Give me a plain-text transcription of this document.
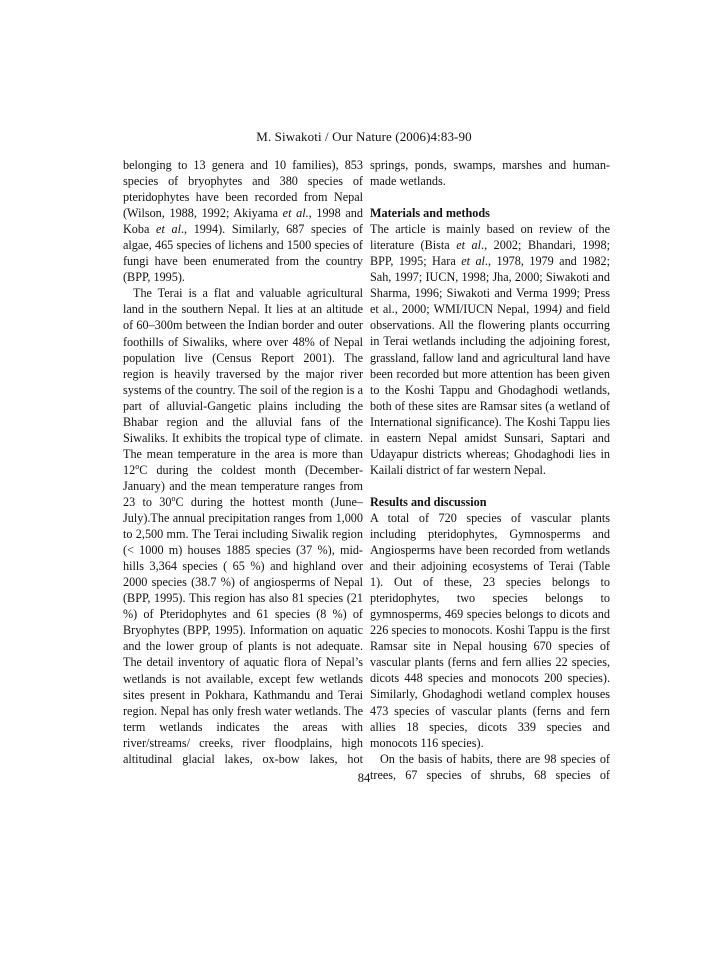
M. Siwakoti / Our Nature (2006)4:83-90

belonging to 13 genera and 10 families), 853 species of bryophytes and 380 species of pteridophytes have been recorded from Nepal (Wilson, 1988, 1992; Akiyama et al., 1998 and Koba et al., 1994). Similarly, 687 species of algae, 465 species of lichens and 1500 species of fungi have been enumerated from the country (BPP, 1995).

The Terai is a flat and valuable agricultural land in the southern Nepal. It lies at an altitude of 60–300m between the Indian border and outer foothills of Siwaliks, where over 48% of Nepal population live (Census Report 2001). The region is heavily traversed by the major river systems of the country. The soil of the region is a part of alluvial-Gangetic plains including the Bhabar region and the alluvial fans of the Siwaliks. It exhibits the tropical type of climate. The mean temperature in the area is more than 12$^o$C during the coldest month (December-January) and the mean temperature ranges from 23 to 30$^o$C during the hottest month (June–July).The annual precipitation ranges from 1,000 to 2,500 mm. The Terai including Siwalik region (< 1000 m) houses 1885 species (37 %), mid-hills 3,364 species ( 65 %) and highland over 2000 species (38.7 %) of angiosperms of Nepal (BPP, 1995). This region has also 81 species (21 %) of Pteridophytes and 61 species (8 %) of Bryophytes (BPP, 1995). Information on aquatic and the lower group of plants is not adequate. The detail inventory of aquatic flora of Nepal’s wetlands is not available, except few wetlands sites present in Pokhara, Kathmandu and Terai region. Nepal has only fresh water wetlands. The term wetlands indicates the areas with river/streams/ creeks, river floodplains, high altitudinal glacial lakes, ox-bow lakes, hot

springs, ponds, swamps, marshes and human-made wetlands.

Materials and methods

The article is mainly based on review of the literature (Bista et al., 2002; Bhandari, 1998; BPP, 1995; Hara et al., 1978, 1979 and 1982; Sah, 1997; IUCN, 1998; Jha, 2000; Siwakoti and Sharma, 1996; Siwakoti and Verma 1999; Press et al., 2000; WMI/IUCN Nepal, 1994) and field observations. All the flowering plants occurring in Terai wetlands including the adjoining forest, grassland, fallow land and agricultural land have been recorded but more attention has been given to the Koshi Tappu and Ghodaghodi wetlands, both of these sites are Ramsar sites (a wetland of International significance). The Koshi Tappu lies in eastern Nepal amidst Sunsari, Saptari and Udayapur districts whereas; Ghodaghodi lies in Kailali district of far western Nepal.

Results and discussion

A total of 720 species of vascular plants including pteridophytes, Gymnosperms and Angiosperms have been recorded from wetlands and their adjoining ecosystems of Terai (Table 1). Out of these, 23 species belongs to pteridophytes, two species belongs to gymnosperms, 469 species belongs to dicots and 226 species to monocots. Koshi Tappu is the first Ramsar site in Nepal housing 670 species of vascular plants (ferns and fern allies 22 species, dicots 448 species and monocots 200 species). Similarly, Ghodaghodi wetland complex houses 473 species of vascular plants (ferns and fern allies 18 species, dicots 339 species and monocots 116 species).

On the basis of habits, there are 98 species of trees, 67 species of shrubs, 68 species of

84
